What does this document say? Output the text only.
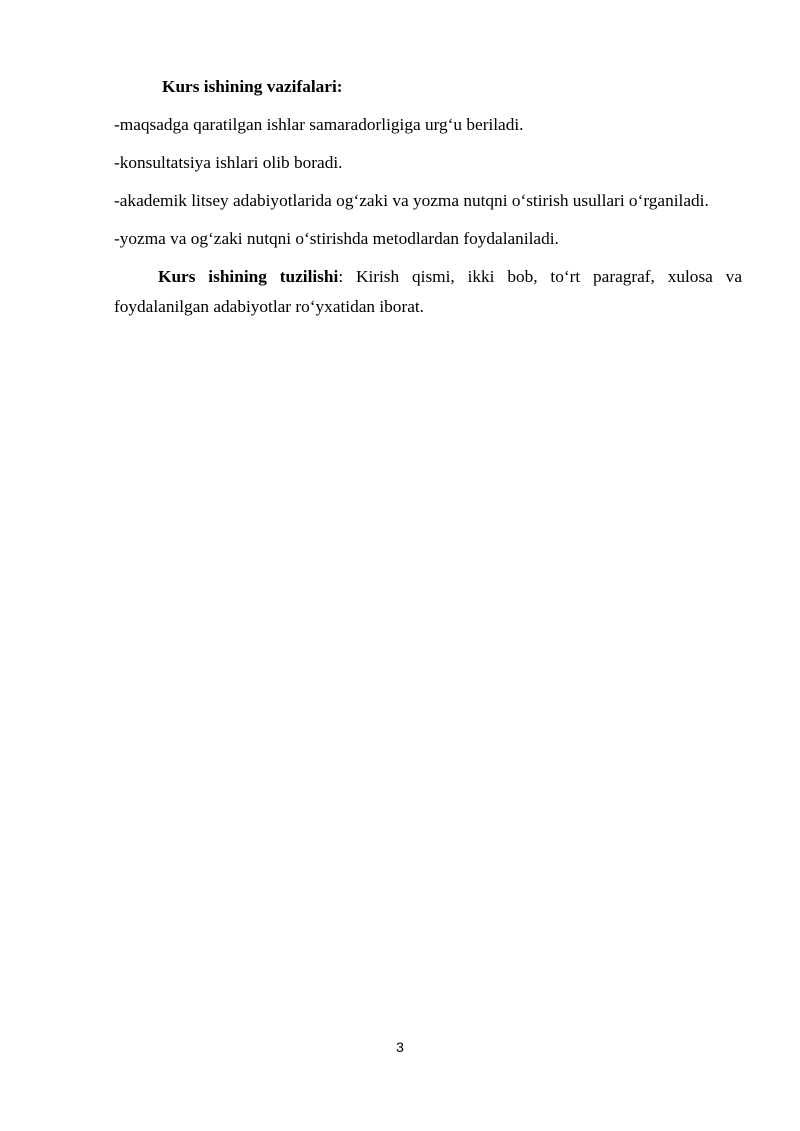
Kurs ishining vazifalari:

-maqsadga qaratilgan ishlar samaradorligiga urg‘u beriladi.

-konsultatsiya ishlari olib boradi.

-akademik litsey adabiyotlarida og‘zaki va yozma nutqni o‘stirish usullari o‘rganiladi.

-yozma va og‘zaki nutqni o‘stirishda metodlardan foydalaniladi.

Kurs ishining tuzilishi: Kirish qismi, ikki bob, to‘rt paragraf, xulosa va foydalanilgan adabiyotlar ro‘yxatidan iborat.

3
